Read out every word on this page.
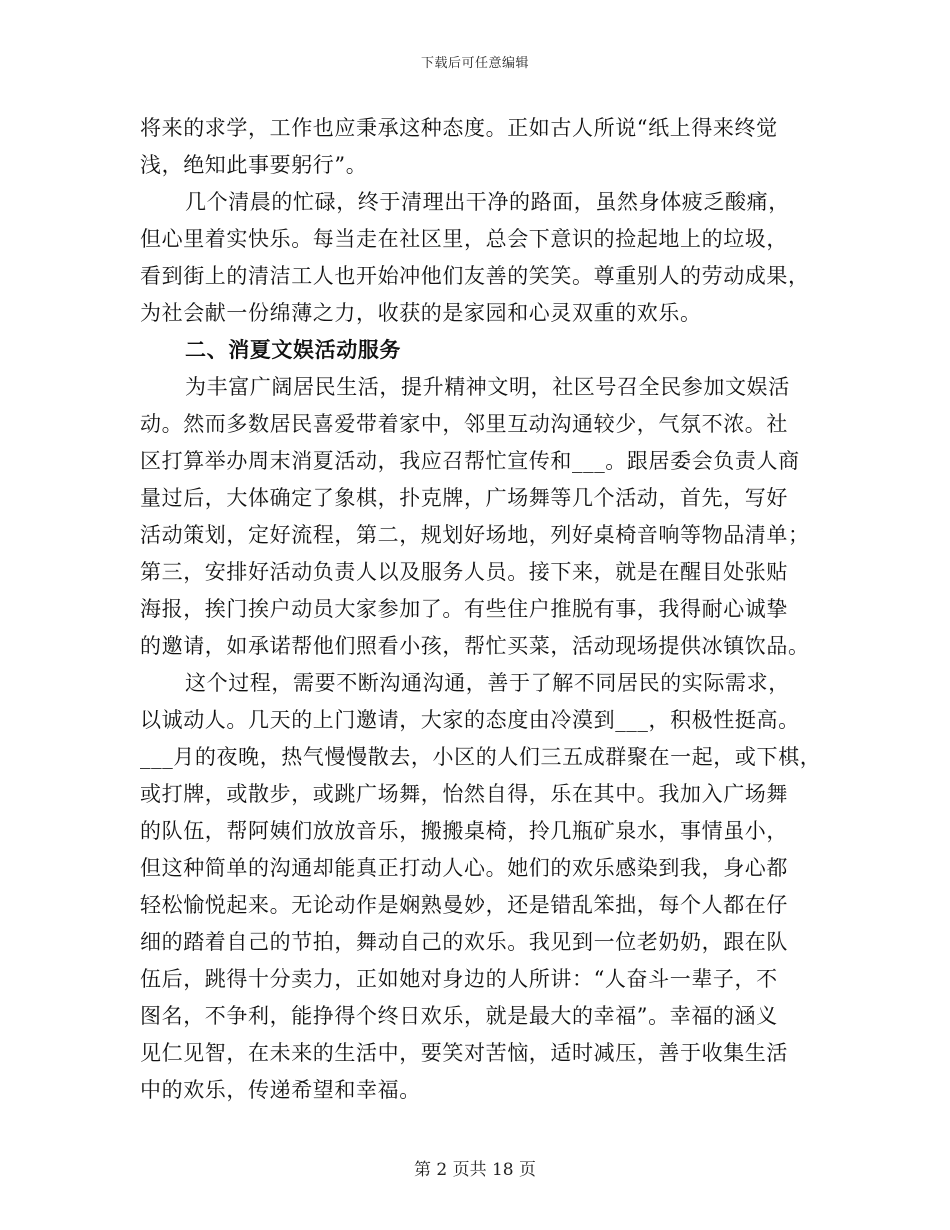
下载后可任意编辑
将来的求学，工作也应秉承这种态度。正如古人所说“纸上得来终觉
浅，绝知此事要躬行”。
几个清晨的忙碌，终于清理出干净的路面，虽然身体疲乏酸痛，
但心里着实快乐。每当走在社区里，总会下意识的捡起地上的垃圾，
看到街上的清洁工人也开始冲他们友善的笑笑。尊重别人的劳动成果，
为社会献一份绵薄之力，收获的是家园和心灵双重的欢乐。
二、消夏文娱活动服务
为丰富广阔居民生活，提升精神文明，社区号召全民参加文娱活
动。然而多数居民喜爱带着家中，邻里互动沟通较少，气氛不浓。社
区打算举办周末消夏活动，我应召帮忙宣传和___。跟居委会负责人商
量过后，大体确定了象棋，扑克牌，广场舞等几个活动，首先，写好
活动策划，定好流程，第二，规划好场地，列好桌椅音响等物品清单；
第三，安排好活动负责人以及服务人员。接下来，就是在醒目处张贴
海报，挨门挨户动员大家参加了。有些住户推脱有事，我得耐心诚挚
的邀请，如承诺帮他们照看小孩，帮忙买菜，活动现场提供冰镇饮品。
这个过程，需要不断沟通沟通，善于了解不同居民的实际需求，
以诚动人。几天的上门邀请，大家的态度由冷漠到___，积极性挺高。
___月的夜晚，热气慢慢散去，小区的人们三五成群聚在一起，或下棋，
或打牌，或散步，或跳广场舞，怡然自得，乐在其中。我加入广场舞
的队伍，帮阿姨们放放音乐，搬搬桌椅，拎几瓶矿泉水，事情虽小，
但这种简单的沟通却能真正打动人心。她们的欢乐感染到我，身心都
轻松愉悦起来。无论动作是娴熟曼妙，还是错乱笨拙，每个人都在仔
细的踏着自己的节拍，舞动自己的欢乐。我见到一位老奶奶，跟在队
伍后，跳得十分卖力，正如她对身边的人所讲：“人奋斗一辈子，不
图名，不争利，能挣得个终日欢乐，就是最大的幸福”。幸福的涵义
见仁见智，在未来的生活中，要笑对苦恼，适时减压，善于收集生活
中的欢乐，传递希望和幸福。
第 2 页共 18 页
